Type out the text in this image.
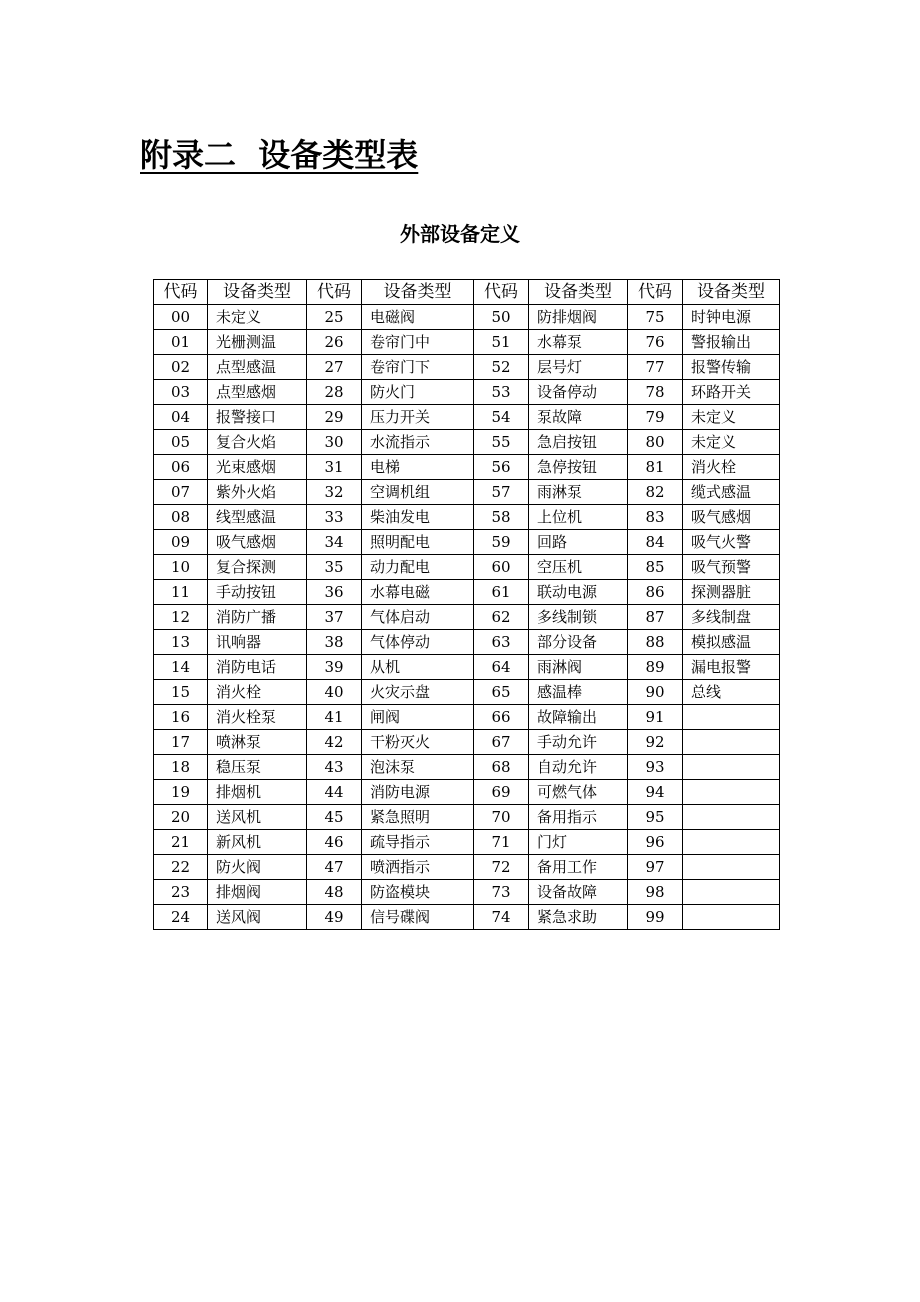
附录二  设备类型表
外部设备定义
代码	设备类型	代码	设备类型	代码	设备类型	代码	设备类型
00	未定义	25	电磁阀	50	防排烟阀	75	时钟电源
01	光栅测温	26	卷帘门中	51	水幕泵	76	警报输出
02	点型感温	27	卷帘门下	52	层号灯	77	报警传输
03	点型感烟	28	防火门	53	设备停动	78	环路开关
04	报警接口	29	压力开关	54	泵故障	79	未定义
05	复合火焰	30	水流指示	55	急启按钮	80	未定义
06	光束感烟	31	电梯	56	急停按钮	81	消火栓
07	紫外火焰	32	空调机组	57	雨淋泵	82	缆式感温
08	线型感温	33	柴油发电	58	上位机	83	吸气感烟
09	吸气感烟	34	照明配电	59	回路	84	吸气火警
10	复合探测	35	动力配电	60	空压机	85	吸气预警
11	手动按钮	36	水幕电磁	61	联动电源	86	探测器脏
12	消防广播	37	气体启动	62	多线制锁	87	多线制盘
13	讯响器	38	气体停动	63	部分设备	88	模拟感温
14	消防电话	39	从机	64	雨淋阀	89	漏电报警
15	消火栓	40	火灾示盘	65	感温棒	90	总线
16	消火栓泵	41	闸阀	66	故障输出	91	
17	喷淋泵	42	干粉灭火	67	手动允许	92	
18	稳压泵	43	泡沫泵	68	自动允许	93	
19	排烟机	44	消防电源	69	可燃气体	94	
20	送风机	45	紧急照明	70	备用指示	95	
21	新风机	46	疏导指示	71	门灯	96	
22	防火阀	47	喷洒指示	72	备用工作	97	
23	排烟阀	48	防盗模块	73	设备故障	98	
24	送风阀	49	信号碟阀	74	紧急求助	99	
